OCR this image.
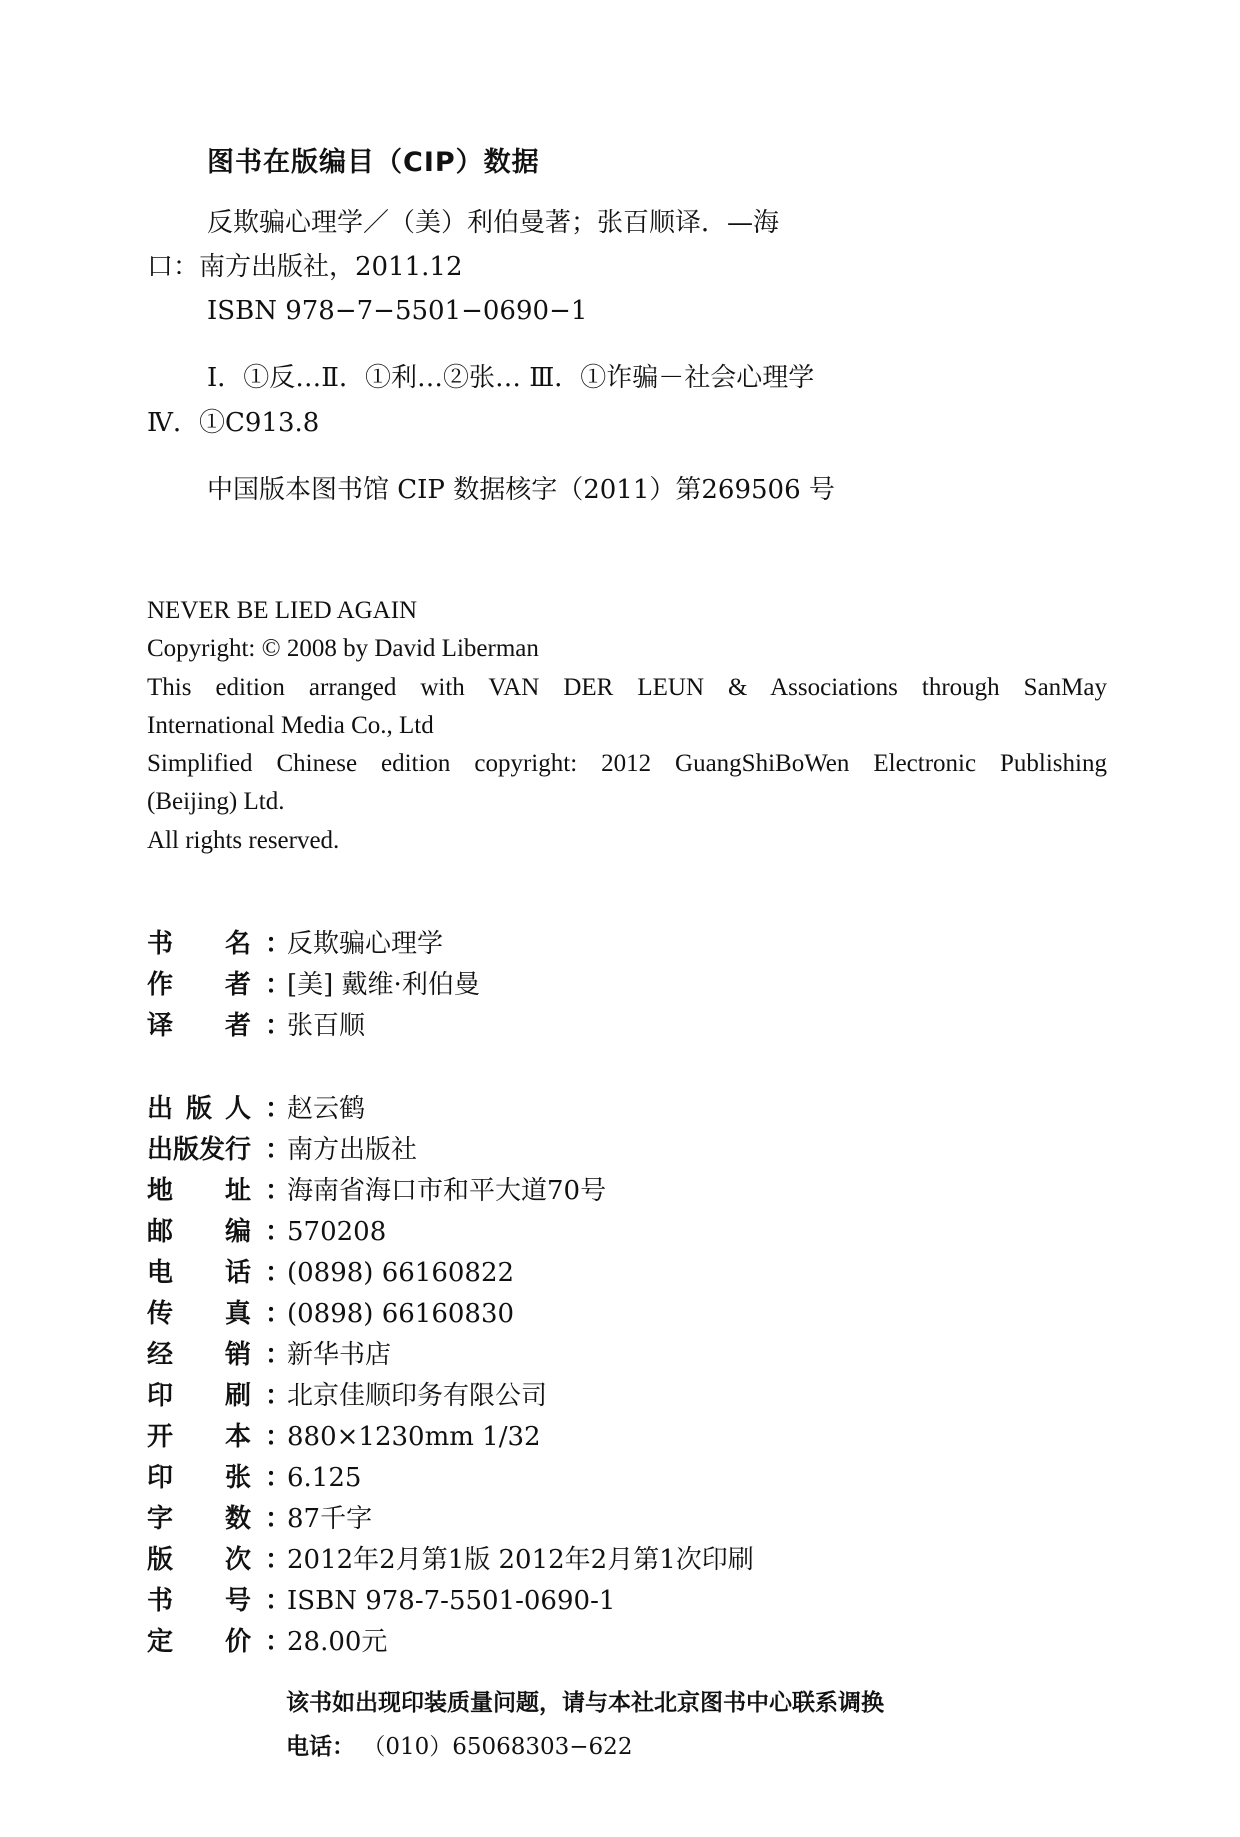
图书在版编目（CIP）数据
反欺骗心理学／（美）利伯曼著；张百顺译．—海
口：南方出版社，2011.12
ISBN 978−7−5501−0690−1
Ⅰ．①反…Ⅱ．①利…②张… Ⅲ．①诈骗－社会心理学
Ⅳ．①C913.8
中国版本图书馆 CIP 数据核字（2011）第269506 号
NEVER BE LIED AGAIN
Copyright: © 2008 by David Liberman
This edition arranged with VAN DER LEUN & Associations through SanMay
International Media Co., Ltd
Simplified Chinese edition copyright: 2012 GuangShiBoWen Electronic Publishing
(Beijing) Ltd.
All rights reserved.
书 名 ：
反欺骗心理学
作 者 ：
[美] 戴维·利伯曼
译 者 ：
张百顺
出 版 人 ：
赵云鹤
出 版 发 行 ：
南方出版社
地 址 ：
海南省海口市和平大道70号
邮 编 ：
570208
电 话 ：
(0898) 66160822
传 真 ：
(0898) 66160830
经 销 ：
新华书店
印 刷 ：
北京佳顺印务有限公司
开 本 ：
880×1230mm 1/32
印 张 ：
6.125
字 数 ：
87千字
版 次 ：
2012年2月第1版 2012年2月第1次印刷
书 号 ：
ISBN 978-7-5501-0690-1
定 价 ：
28.00元
该书如出现印装质量问题，请与本社北京图书中心联系调换
电话： （010）65068303−622
